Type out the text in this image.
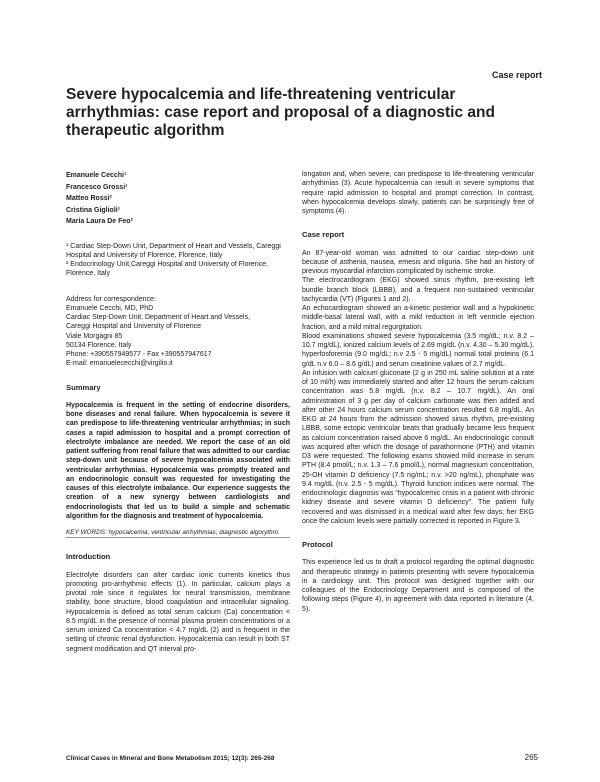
Case report
Severe hypocalcemia and life-threatening ventricular arrhythmias: case report and proposal of a diagnostic and therapeutic algorithm
Emanuele Cecchi¹
Francesco Grossi¹
Matteo Rossi²
Cristina Giglioli¹
Maria Laura De Feo²

¹ Cardiac Step-Down Unit, Department of Heart and Vessels, Careggi Hospital and University of Florence, Florence, Italy

² Endocrinology Unit,Careggi Hospital and University of Florence, Florence, Italy

Address for correspondence:
Emanuele Cecchi, MD, PhD
Cardiac Step-Down Unit, Department of Heart and Vessels,
Careggi Hospital and University of Florence
Viale Morgagni 85
50134 Florence, Italy
Phone: +390557949577 - Fax +390557947617
E-mail: emanuelececchi@virgilio.it
Summary

Hypocalcemia is frequent in the setting of endocrine disorders, bone diseases and renal failure. When hypocalcemia is severe it can predispose to life-threatening ventricular arrhythmias; in such cases a rapid admission to hospital and a prompt correction of electrolyte imbalance are needed. We report the case of an old patient suffering from renal failure that was admitted to our cardiac step-down unit because of severe hypocalcemia associated with ventricular arrhythmias. Hypocalcemia was promptly treated and an endocrinologic consult was requested for investigating the causes of this electrolyte imbalance. Our experience suggests the creation of a new synergy between cardiologists and endocrinologists that led us to build a simple and schematic algorithm for the diagnosis and treatment of hypocalcemia.

KEY WORDS: hypocalcemia; ventricular arrhythmias; diagnostic algorythm.
Introduction

Electrolyte disorders can alter cardiac ionic currents kinetics thus promoting pro-arrhythmic effects (1). In particular, calcium plays a pivotal role since it regulates for neural transmission, membrane stability, bone structure, blood coagulation and intracellular signaling. Hypocalcemia is defined as total serum calcium (Ca) concentration < 8.5 mg/dL in the presence of normal plasma protein concentrations or a serum ionized Ca concentration < 4.7 mg/dL (2) and is frequent in the setting of chronic renal dysfunction. Hypocalcemia can result in both ST segment modification and QT interval pro-

longation and, when severe, can predispose to life-threatening ventricular arrhythmias (3). Acute hypocalcemia can result in severe symptoms that require rapid admission to hospital and prompt correction. In contrast, when hypocalcemia develops slowly, patients can be surprisingly free of symptoms (4).

Case report

An 87-year-old woman was admitted to our cardiac step-down unit because of asthenia, nausea, emesis and oliguria. She had an history of previous myocardial infarction complicated by ischemic stroke.

The electrocardiogram (EKG) showed sinus rhythm, pre-existing left bundle branch block (LBBB), and a frequent non-sustained ventricular tachycardia (VT) (Figures 1 and 2).

An echocardiogram showed an a-kinetic posterior wall and a hypokinetic middle-basal lateral wall, with a mild reduction in left ventricle ejection fraction, and a mild mitral regurgitation.

Blood examinations showed severe hypocalcemia (3.5 mg/dL; n.v. 8.2 – 10.7 mg/dL), ionized calcium levels of 2.69 mg/dL (n.v. 4.30 – 5.30 mg/dL), hyperfosforemia (9.0 mg/dL; n.v 2.5 - 5 mg/dL) normal total proteins (6.1 g/dL n.v 6.0 – 8.6 g/dL) and serum creatinine values of 2.7 mg/dL.

An infusion with calcium gluconate (2 g in 250 mL saline solution at a rate of 10 ml/h) was immediately started and after 12 hours the serum calcium concentration was 5.8 mg/dL (n.v. 8.2 – 10.7 mg/dL). An oral administration of 3 g per day of calcium carbonate was then added and after other 24 hours calcium serum concentration resulted 6.8 mg/dL. An EKG at 24 hours from the admission showed sinus rhythm, pre-existing LBBB, some ectopic ventricular beats that gradually became less frequent as calcium concentration raised above 6 mg/dL. An endocrinologic consult was acquired after which the dosage of parathormone (PTH) and vitamin D3 were requested. The following exams showed mild increase in serum PTH (8.4 pmol/L; n.v. 1.3 – 7.6 pmol/L), normal magnesium concentration, 25-OH vitamin D deficiency (7.5 ng/mL; n.v. >20 ng/mL), phosphate was 9.4 mg/dL (n.v. 2.5 - 5 mg/dL). Thyroid function indices were normal. The endocrinologic diagnosis was “hypocalcemic crisis in a patient with chronic kidney disease and severe vitamin D deficiency”. The patient fully recovered and was dismissed in a medical ward after few days; her EKG once the calcium levels were partially corrected is reported in Figure 3.

Protocol

This experience led us to draft a protocol regarding the optimal diagnostic and therapeutic strategy in patients presenting with severe hypocalcemia in a cardiology unit. This protocol was designed together with our colleagues of the Endocrinology Department and is composed of the following steps (Figure 4), in agreement with data reported in literature (4, 5).

Clinical Cases in Mineral and Bone Metabolism 2015; 12(3): 265-268	265
